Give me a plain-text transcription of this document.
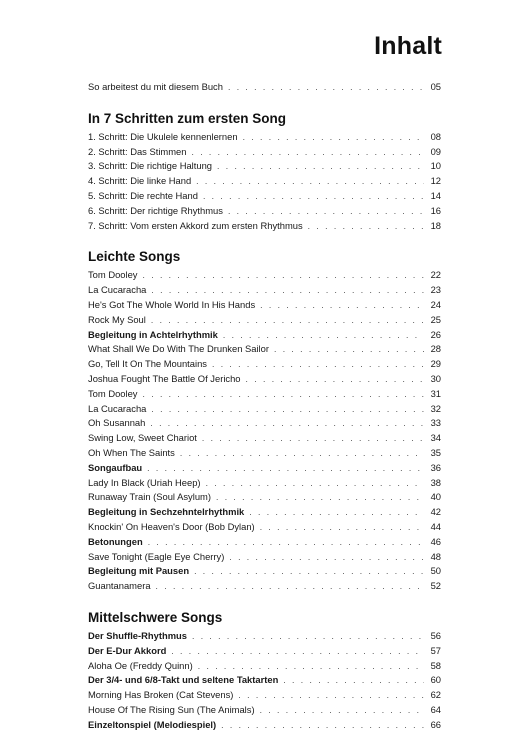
Inhalt
So arbeitest du mit diesem Buch . . .	05
In 7 Schritten zum ersten Song
1. Schritt: Die Ukulele kennenlernen . . .	08
2. Schritt: Das Stimmen . . .	09
3. Schritt: Die richtige Haltung . . .	10
4. Schritt: Die linke Hand . . .	12
5. Schritt: Die rechte Hand . . .	14
6. Schritt: Der richtige Rhythmus . . .	16
7. Schritt: Vom ersten Akkord zum ersten Rhythmus . . .	18
Leichte Songs
Tom Dooley . . .	22
La Cucaracha . . .	23
He's Got The Whole World In His Hands . . .	24
Rock My Soul . . .	25
Begleitung in Achtelrhythmik . . .	26
What Shall We Do With The Drunken Sailor . . .	28
Go, Tell It On The Mountains . . .	29
Joshua Fought The Battle Of Jericho . . .	30
Tom Dooley . . .	31
La Cucaracha . . .	32
Oh Susannah . . .	33
Swing Low, Sweet Chariot . . .	34
Oh When The Saints . . .	35
Songaufbau . . .	36
Lady In Black (Uriah Heep) . . .	38
Runaway Train (Soul Asylum) . . .	40
Begleitung in Sechzehntelrhythmik . . .	42
Knockin' On Heaven's Door (Bob Dylan) . . .	44
Betonungen . . .	46
Save Tonight (Eagle Eye Cherry) . . .	48
Begleitung mit Pausen . . .	50
Guantanamera . . .	52
Mittelschwere Songs
Der Shuffle-Rhythmus . . .	56
Der E-Dur Akkord . . .	57
Aloha Oe (Freddy Quinn) . . .	58
Der 3/4- und 6/8-Takt und seltene Taktarten . . .	60
Morning Has Broken (Cat Stevens) . . .	62
House Of The Rising Sun (The Animals) . . .	64
Einzeltonspiel (Melodiespiel) . . .	66
